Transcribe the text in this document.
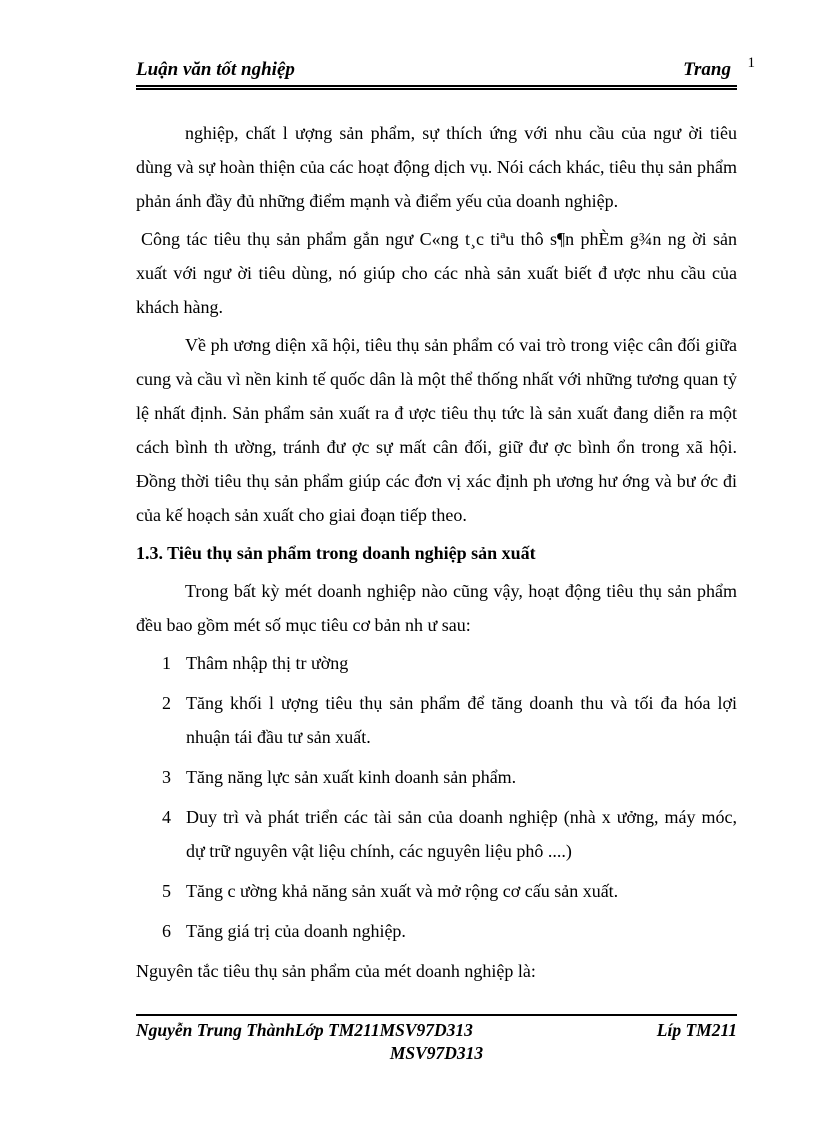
Luận văn tốt nghiệp	Trang 1

nghiệp, chất l ượng sản phẩm, sự thích ứng với nhu cầu của ngư ời tiêu dùng và sự hoàn thiện của các hoạt động dịch vụ. Nói cách khác, tiêu thụ sản phẩm phản ánh đầy đủ những điểm mạnh và điểm yếu của doanh nghiệp.

Công tác tiêu thụ sản phẩm gắn ngư C«ng t¸c tiªu thô s¶n phÈm g¾n ng ời sản xuất với ngư ời tiêu dùng, nó giúp cho các nhà sản xuất biết đ ược nhu cầu của khách hàng.

Về ph ương diện xã hội, tiêu thụ sản phẩm có vai trò trong việc cân đối giữa cung và cầu vì nền kinh tế quốc dân là một thể thống nhất với những tương quan tỷ lệ nhất định. Sản phẩm sản xuất ra đ ược tiêu thụ tức là sản xuất đang diễn ra một cách bình th ường, tránh đư ợc sự mất cân đối, giữ đư ợc bình ổn trong xã hội. Đồng thời tiêu thụ sản phẩm giúp các đơn vị xác định ph ương hư ớng và bư ớc đi của kế hoạch sản xuất cho giai đoạn tiếp theo.

1.3. Tiêu thụ sản phẩm trong doanh nghiệp sản xuất

Trong bất kỳ mét doanh nghiệp nào cũng vậy, hoạt động tiêu thụ sản phẩm đều bao gồm mét số mục tiêu cơ bản nh ư sau:

1 Thâm nhập thị tr ường
2 Tăng khối l ượng tiêu thụ sản phẩm để tăng doanh thu và tối đa hóa lợi nhuận tái đầu tư sản xuất.
3 Tăng năng lực sản xuất kinh doanh sản phẩm.
4 Duy trì và phát triển các tài sản của doanh nghiệp (nhà x ưởng, máy móc, dự trữ nguyên vật liệu chính, các nguyên liệu phô ....)
5 Tăng c ường khả năng sản xuất và mở rộng cơ cấu sản xuất.
6 Tăng giá trị của doanh nghiệp.

Nguyên tắc tiêu thụ sản phẩm của mét doanh nghiệp là:

Nguyễn Trung ThànhLớp TM211MSV97D313	Líp TM211
MSV97D313
